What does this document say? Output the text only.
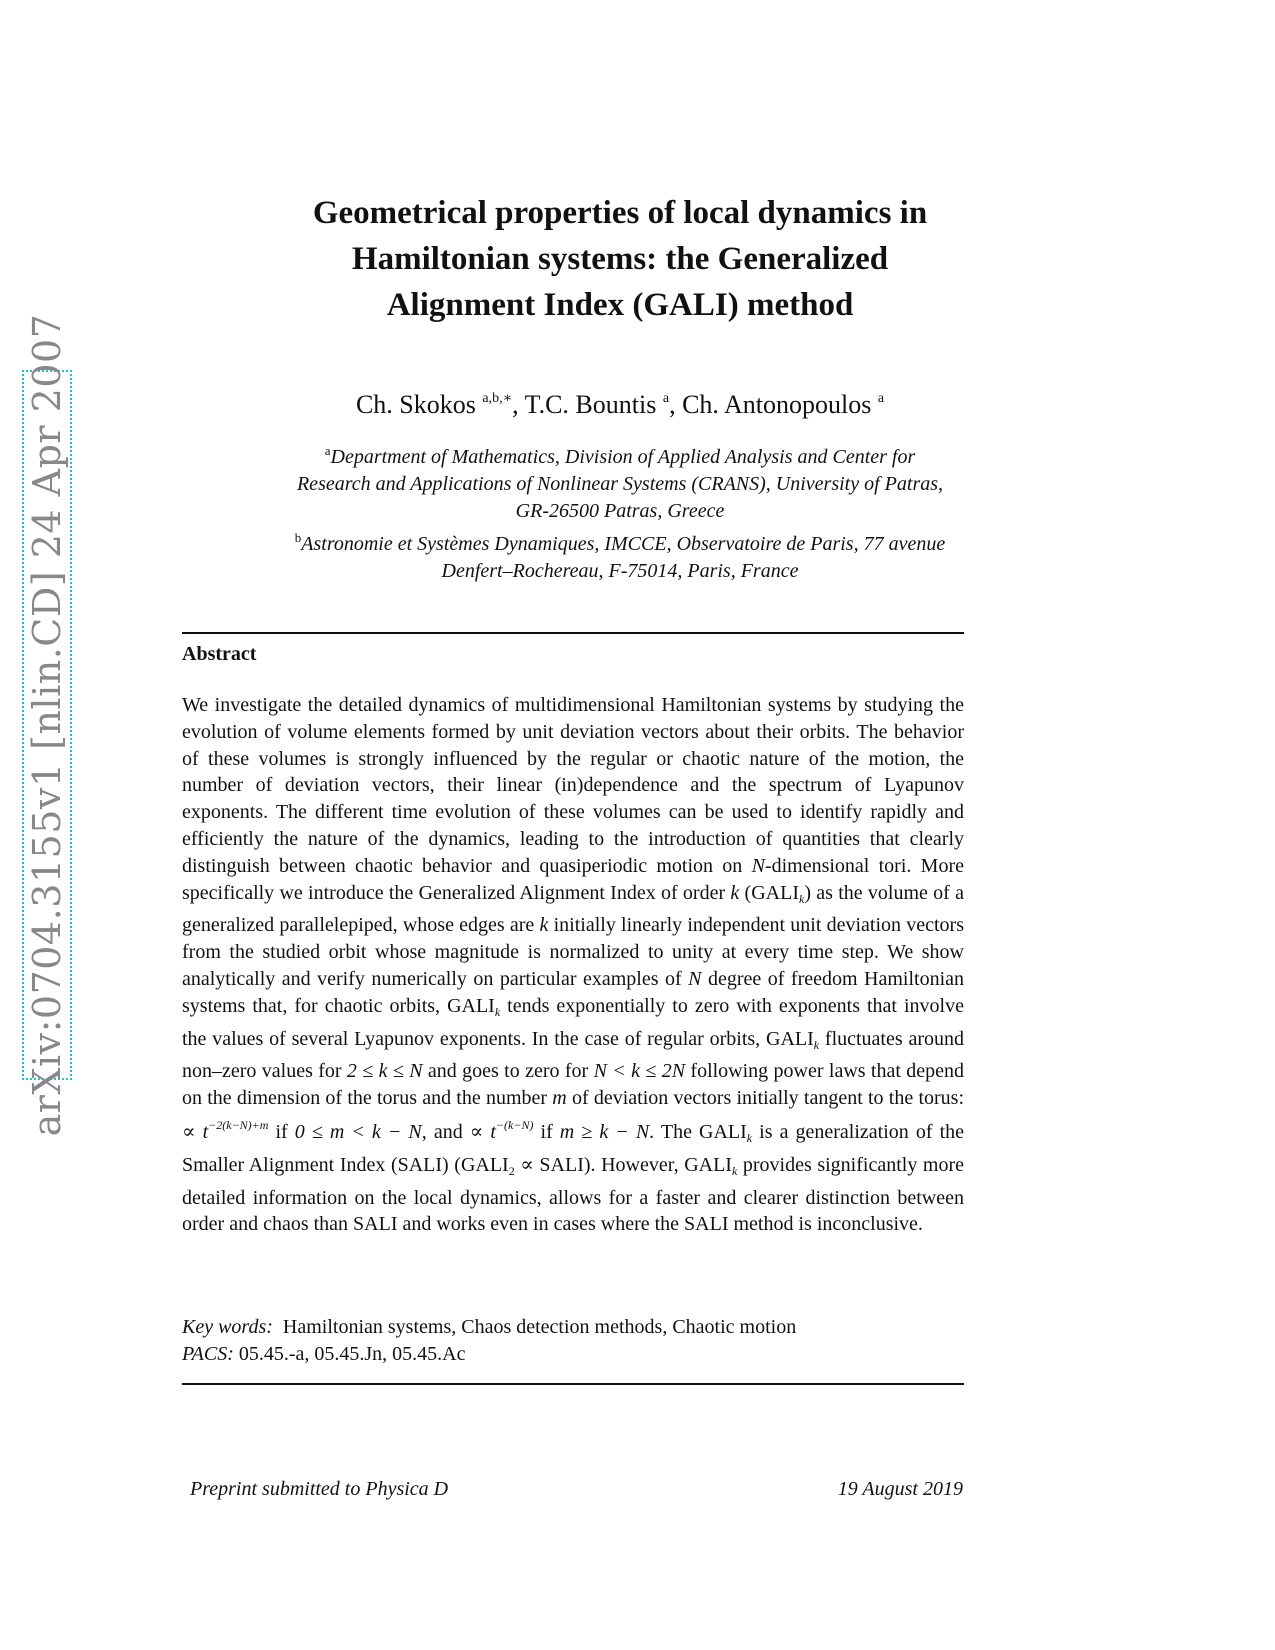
arXiv:0704.3155v1 [nlin.CD] 24 Apr 2007
Geometrical properties of local dynamics in
Hamiltonian systems: the Generalized
Alignment Index (GALI) method
Ch. Skokos $^{a,b,∗}$, T.C. Bountis $^a$, Ch. Antonopoulos $^a$
$^a$Department of Mathematics, Division of Applied Analysis and Center for
Research and Applications of Nonlinear Systems (CRANS), University of Patras,
GR-26500 Patras, Greece
$^b$Astronomie et Systèmes Dynamiques, IMCCE, Observatoire de Paris, 77 avenue
Denfert–Rochereau, F-75014, Paris, France
Abstract
We investigate the detailed dynamics of multidimensional Hamiltonian systems by studying the evolution of volume elements formed by unit deviation vectors about their orbits. The behavior of these volumes is strongly influenced by the regular or chaotic nature of the motion, the number of deviation vectors, their linear (in)dependence and the spectrum of Lyapunov exponents. The different time evolution of these volumes can be used to identify rapidly and efficiently the nature of the dynamics, leading to the introduction of quantities that clearly distinguish between chaotic behavior and quasiperiodic motion on N-dimensional tori. More specifically we introduce the Generalized Alignment Index of order k $(GALI_k)$ as the volume of a generalized parallelepiped, whose edges are k initially linearly independent unit deviation vectors from the studied orbit whose magnitude is normalized to unity at every time step. We show analytically and verify numerically on particular examples of N degree of freedom Hamiltonian systems that, for chaotic orbits, $GALI_k$ tends exponentially to zero with exponents that involve the values of several Lyapunov exponents. In the case of regular orbits, $GALI_k$ fluctuates around non–zero values for 2 ≤ k ≤ N and goes to zero for N < k ≤ 2N following power laws that depend on the dimension of the torus and the number m of deviation vectors initially tangent to the torus: ∝ $t^{-2(k-N)+m}$ if 0 ≤ m < k − N, and ∝ $t^{-(k-N)}$ if m ≥ k − N. The $GALI_k$ is a generalization of the Smaller Alignment Index (SALI) ($GALI_2$ ∝ SALI). However, $GALI_k$ provides significantly more detailed information on the local dynamics, allows for a faster and clearer distinction between order and chaos than SALI and works even in cases where the SALI method is inconclusive.
Key words: Hamiltonian systems, Chaos detection methods, Chaotic motion
PACS: 05.45.-a, 05.45.Jn, 05.45.Ac
Preprint submitted to Physica D	19 August 2019
